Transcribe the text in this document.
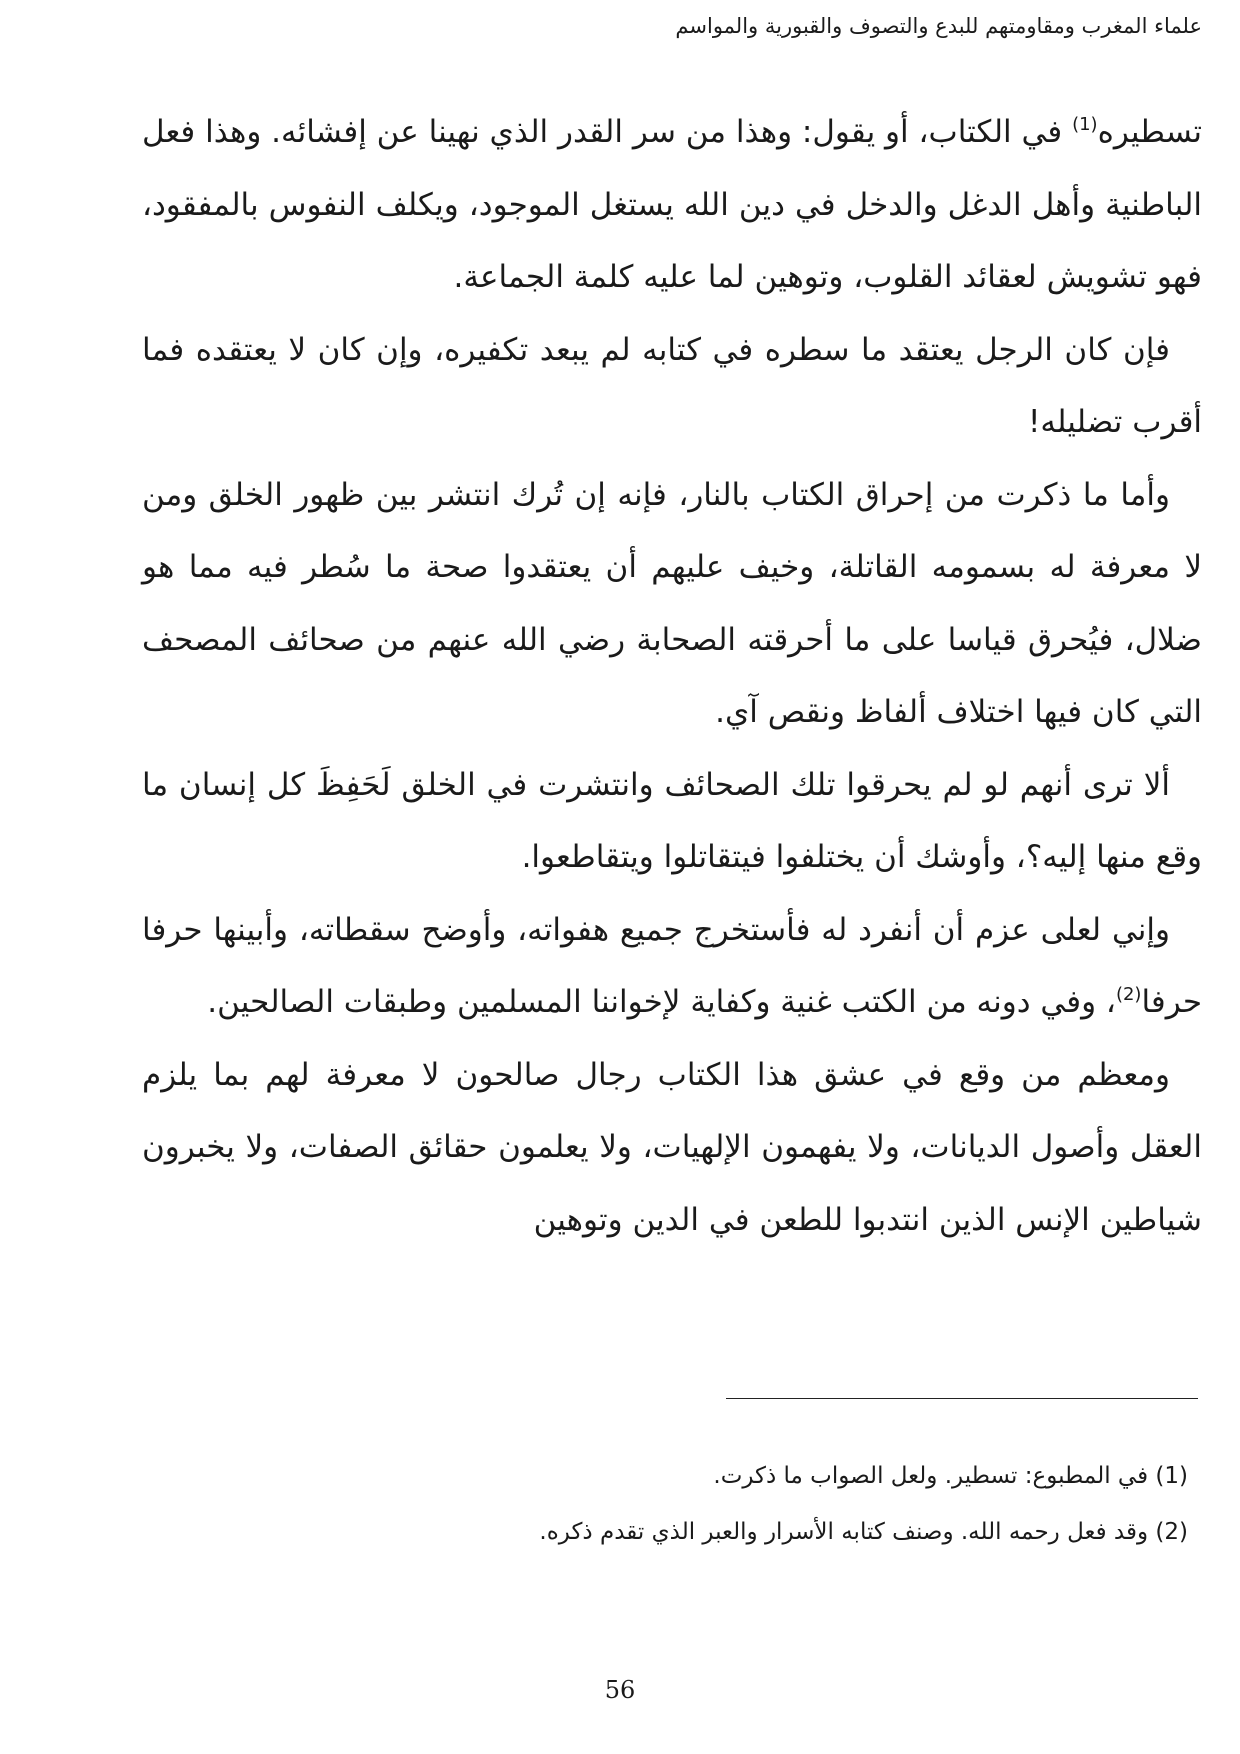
علماء المغرب ومقاومتهم للبدع والتصوف والقبورية والمواسم

تسطيره$^{(1)}$ في الكتاب، أو يقول: وهذا من سر القدر الذي نهينا عن إفشائه. وهذا فعل الباطنية وأهل الدغل والدخل في دين الله يستغل الموجود، ويكلف النفوس بالمفقود، فهو تشويش لعقائد القلوب، وتوهين لما عليه كلمة الجماعة.

فإن كان الرجل يعتقد ما سطره في كتابه لم يبعد تكفيره، وإن كان لا يعتقده فما أقرب تضليله!

وأما ما ذكرت من إحراق الكتاب بالنار، فإنه إن تُرك انتشر بين ظهور الخلق ومن لا معرفة له بسمومه القاتلة، وخيف عليهم أن يعتقدوا صحة ما سُطر فيه مما هو ضلال، فيُحرق قياسا على ما أحرقته الصحابة رضي الله عنهم من صحائف المصحف التي كان فيها اختلاف ألفاظ ونقص آي.

ألا ترى أنهم لو لم يحرقوا تلك الصحائف وانتشرت في الخلق لَحَفِظَ كل إنسان ما وقع منها إليه؟، وأوشك أن يختلفوا فيتقاتلوا ويتقاطعوا.

وإني لعلى عزم أن أنفرد له فأستخرج جميع هفواته، وأوضح سقطاته، وأبينها حرفا حرفا$^{(2)}$، وفي دونه من الكتب غنية وكفاية لإخواننا المسلمين وطبقات الصالحين.

ومعظم من وقع في عشق هذا الكتاب رجال صالحون لا معرفة لهم بما يلزم العقل وأصول الديانات، ولا يفهمون الإلهيات، ولا يعلمون حقائق الصفات، ولا يخبرون شياطين الإنس الذين انتدبوا للطعن في الدين وتوهين

(1) في المطبوع: تسطير. ولعل الصواب ما ذكرت.

(2) وقد فعل رحمه الله. وصنف كتابه الأسرار والعبر الذي تقدم ذكره.

56
